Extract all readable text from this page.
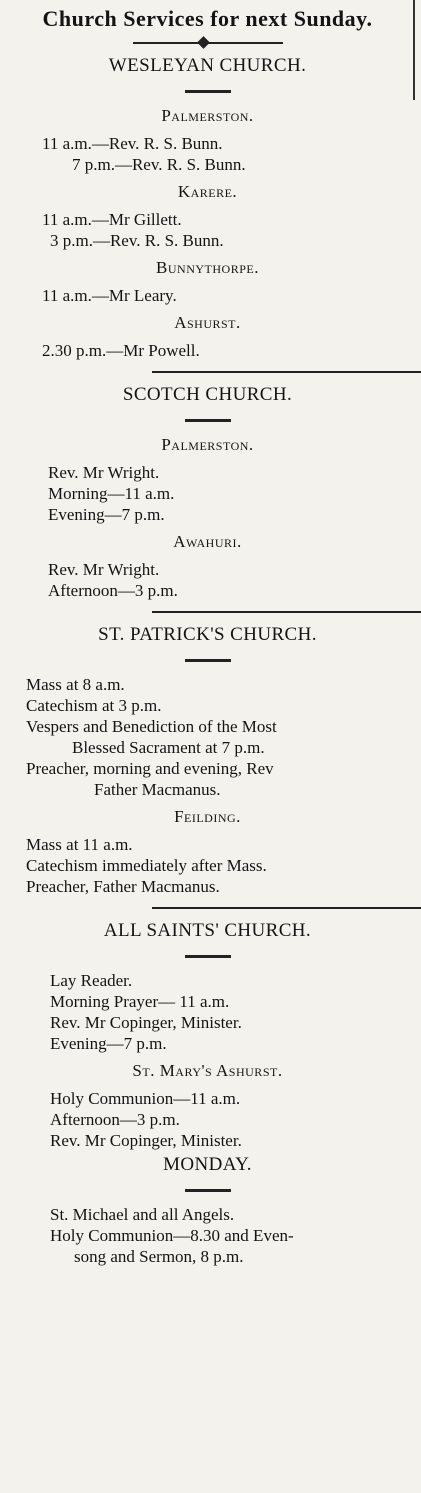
Church Services for next Sunday.
WESLEYAN CHURCH.
Palmerston.
11 a.m.—Rev. R. S. Bunn.
7 p.m.—Rev. R. S. Bunn.
Karere.
11 a.m.—Mr Gillett.
3 p.m.—Rev. R. S. Bunn.
Bunnythorpe.
11 a.m.—Mr Leary.
Ashurst.
2.30 p.m.—Mr Powell.
SCOTCH CHURCH.
Palmerston.
Rev. Mr Wright.
Morning—11 a.m.
Evening—7 p.m.
Awahuri.
Rev. Mr Wright.
Afternoon—3 p.m.
ST. PATRICK'S CHURCH.
Mass at 8 a.m.
Catechism at 3 p.m.
Vespers and Benediction of the Most
Blessed Sacrament at 7 p.m.
Preacher, morning and evening, Rev
Father Macmanus.
Feilding.
Mass at 11 a.m.
Catechism immediately after Mass.
Preacher, Father Macmanus.
ALL SAINTS' CHURCH.
Lay Reader.
Morning Prayer— 11 a.m.
Rev. Mr Copinger, Minister.
Evening—7 p.m.
St. Mary's Ashurst.
Holy Communion—11 a.m.
Afternoon—3 p.m.
Rev. Mr Copinger, Minister.
MONDAY.
St. Michael and all Angels.
Holy Communion—8.30 and Even-
song and Sermon, 8 p.m.
